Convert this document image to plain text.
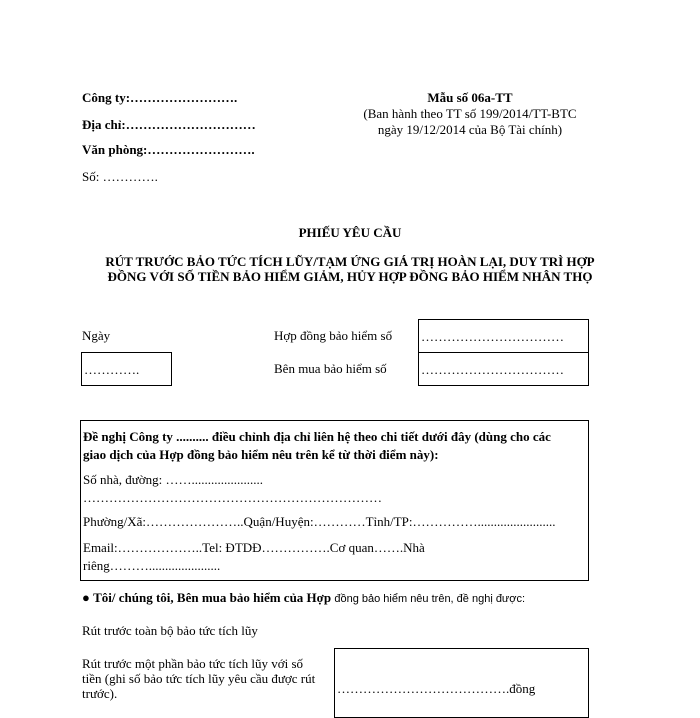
Công ty:…………………….
Địa chỉ:…………………………
Văn phòng:…………………….
Số: ………….
Mẫu số 06a-TT
(Ban hành theo TT số 199/2014/TT-BTC
ngày 19/12/2014 của Bộ Tài chính)
PHIẾU YÊU CẦU
RÚT TRƯỚC BẢO TỨC TÍCH LŨY/TẠM ỨNG GIÁ TRỊ HOÀN LẠI, DUY TRÌ HỢP
ĐỒNG VỚI SỐ TIỀN BẢO HIỂM GIẢM, HỦY HỢP ĐỒNG BẢO HIỂM NHÂN THỌ
Ngày
………….
Hợp đồng bảo hiểm số
Bên mua bảo hiểm số
……………………………
……………………………
Đề nghị Công ty .......... điều chỉnh địa chỉ liên hệ theo chi tiết dưới đây (dùng cho các
giao dịch của Hợp đồng bảo hiểm nêu trên kể từ thời điểm này):
Số nhà, đường: ……......................
……………………………………………………………
Phường/Xã:…………………..Quận/Huyện:…………Tỉnh/TP:……………........................
Email:………………..Tel: ĐTDĐ…………….Cơ quan…….Nhà
riêng………......................
● Tôi/ chúng tôi, Bên mua bảo hiểm của Hợp đồng bảo hiểm nêu trên, đề nghị được:
Rút trước toàn bộ bảo tức tích lũy
Rút trước một phần bảo tức tích lũy với số
tiền (ghi số bảo tức tích lũy yêu cầu được rút
trước).	………………………………….đồng
